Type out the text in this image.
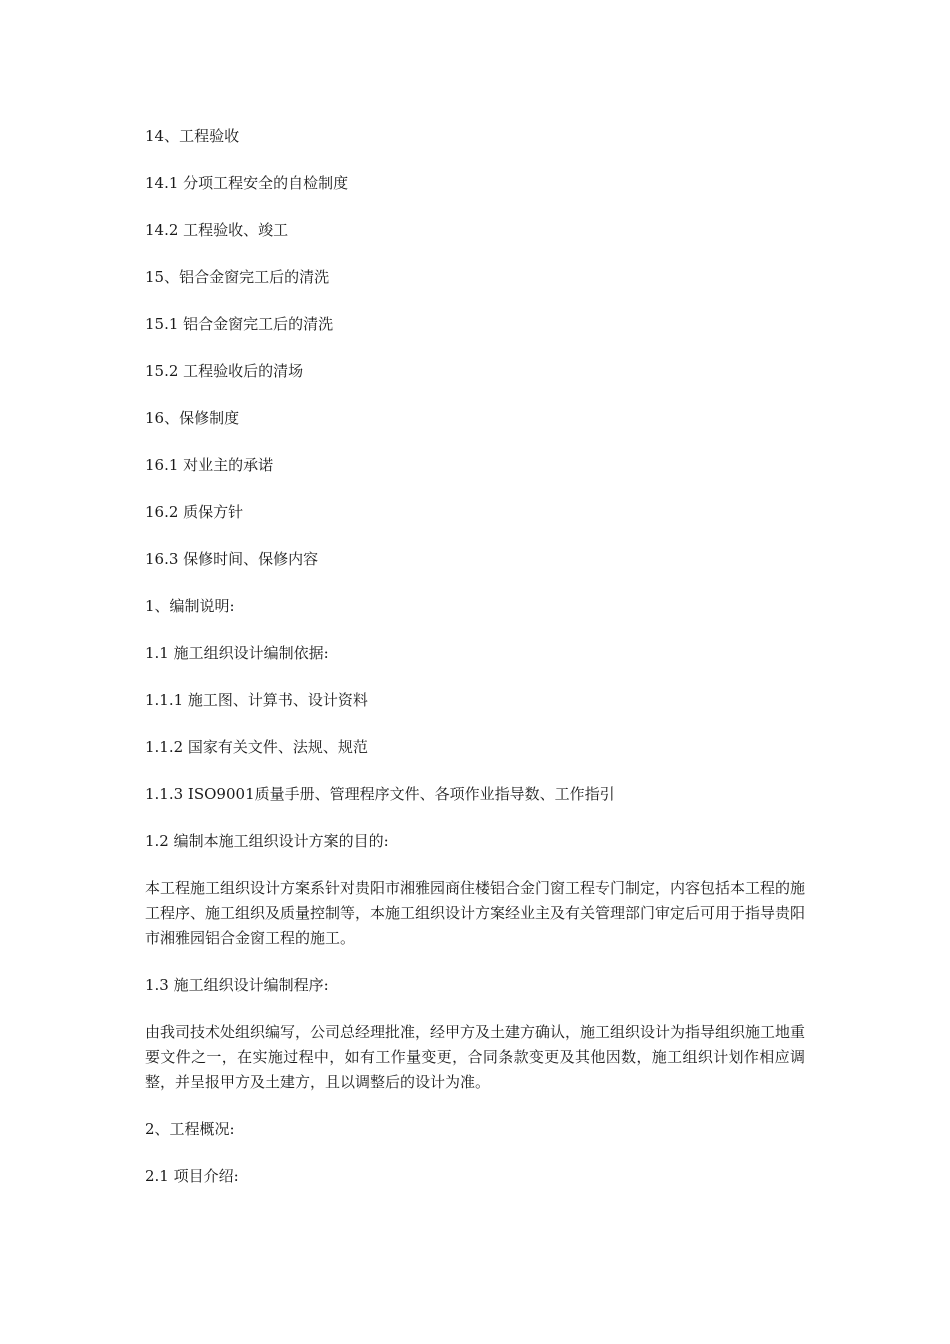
14、工程验收
14.1 分项工程安全的自检制度
14.2 工程验收、竣工
15、铝合金窗完工后的清洗
15.1 铝合金窗完工后的清洗
15.2 工程验收后的清场
16、保修制度
16.1 对业主的承诺
16.2 质保方针
16.3 保修时间、保修内容
1、编制说明:
1.1 施工组织设计编制依据:
1.1.1 施工图、计算书、设计资料
1.1.2 国家有关文件、法规、规范
1.1.3 ISO9001质量手册、管理程序文件、各项作业指导数、工作指引
1.2 编制本施工组织设计方案的目的:
本工程施工组织设计方案系针对贵阳市湘雅园商住楼铝合金门窗工程专门制定，内容包括本工程的施工程序、施工组织及质量控制等，本施工组织设计方案经业主及有关管理部门审定后可用于指导贵阳市湘雅园铝合金窗工程的施工。
1.3 施工组织设计编制程序:
由我司技术处组织编写，公司总经理批准，经甲方及土建方确认，施工组织设计为指导组织施工地重要文件之一，在实施过程中，如有工作量变更，合同条款变更及其他因数，施工组织计划作相应调整，并呈报甲方及土建方，且以调整后的设计为准。
2、工程概况:
2.1 项目介绍:
